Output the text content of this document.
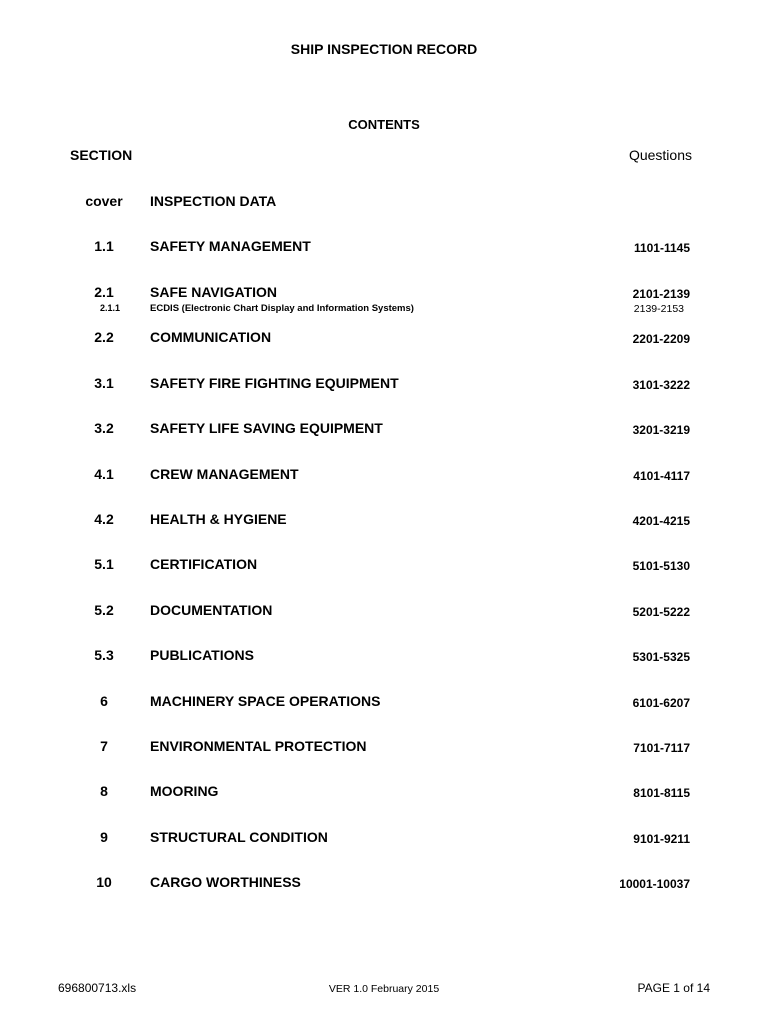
SHIP INSPECTION RECORD
CONTENTS
SECTION	Questions
cover	INSPECTION DATA
1.1	SAFETY MANAGEMENT	1101-1145
2.1	SAFE NAVIGATION	2101-2139
2.1.1	ECDIS (Electronic Chart Display and Information Systems)	2139-2153
2.2	COMMUNICATION	2201-2209
3.1	SAFETY FIRE FIGHTING EQUIPMENT	3101-3222
3.2	SAFETY LIFE SAVING EQUIPMENT	3201-3219
4.1	CREW MANAGEMENT	4101-4117
4.2	HEALTH & HYGIENE	4201-4215
5.1	CERTIFICATION	5101-5130
5.2	DOCUMENTATION	5201-5222
5.3	PUBLICATIONS	5301-5325
6	MACHINERY SPACE OPERATIONS	6101-6207
7	ENVIRONMENTAL PROTECTION	7101-7117
8	MOORING	8101-8115
9	STRUCTURAL CONDITION	9101-9211
10	CARGO WORTHINESS	10001-10037
696800713.xls	VER 1.0 February 2015	PAGE 1 of 14
